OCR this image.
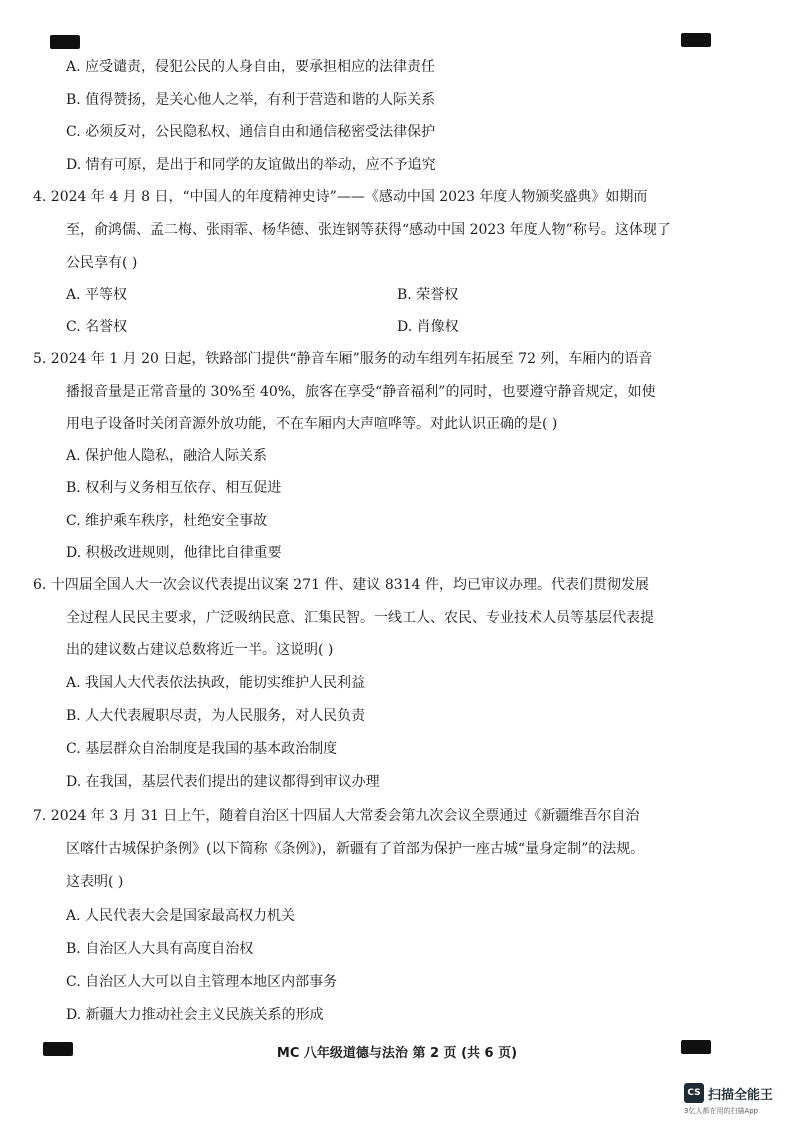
A. 应受谴责，侵犯公民的人身自由，要承担相应的法律责任
B. 值得赞扬，是关心他人之举，有利于营造和谐的人际关系
C. 必须反对，公民隐私权、通信自由和通信秘密受法律保护
D. 情有可原，是出于和同学的友谊做出的举动，应不予追究
4. 2024 年 4 月 8 日，“中国人的年度精神史诗”——《感动中国 2023 年度人物颁奖盛典》如期而
至，俞鸿儒、孟二梅、张雨霏、杨华德、张连钢等获得“感动中国 2023 年度人物”称号。这体现了
公民享有( )
A. 平等权	B. 荣誉权
C. 名誉权	D. 肖像权
5. 2024 年 1 月 20 日起，铁路部门提供“静音车厢”服务的动车组列车拓展至 72 列，车厢内的语音
播报音量是正常音量的 30%至 40%，旅客在享受“静音福利”的同时，也要遵守静音规定，如使
用电子设备时关闭音源外放功能，不在车厢内大声喧哗等。对此认识正确的是( )
A. 保护他人隐私，融洽人际关系
B. 权利与义务相互依存、相互促进
C. 维护乘车秩序，杜绝安全事故
D. 积极改进规则，他律比自律重要
6. 十四届全国人大一次会议代表提出议案 271 件、建议 8314 件，均已审议办理。代表们贯彻发展
全过程人民民主要求，广泛吸纳民意、汇集民智。一线工人、农民、专业技术人员等基层代表提
出的建议数占建议总数将近一半。这说明( )
A. 我国人大代表依法执政，能切实维护人民利益
B. 人大代表履职尽责，为人民服务，对人民负责
C. 基层群众自治制度是我国的基本政治制度
D. 在我国，基层代表们提出的建议都得到审议办理
7. 2024 年 3 月 31 日上午，随着自治区十四届人大常委会第九次会议全票通过《新疆维吾尔自治
区喀什古城保护条例》(以下简称《条例》)，新疆有了首部为保护一座古城“量身定制”的法规。
这表明( )
A. 人民代表大会是国家最高权力机关
B. 自治区人大具有高度自治权
C. 自治区人大可以自主管理本地区内部事务
D. 新疆大力推动社会主义民族关系的形成
MC 八年级道德与法治 第 2 页 (共 6 页)
CS 扫描全能王
3亿人都在用的扫描App
